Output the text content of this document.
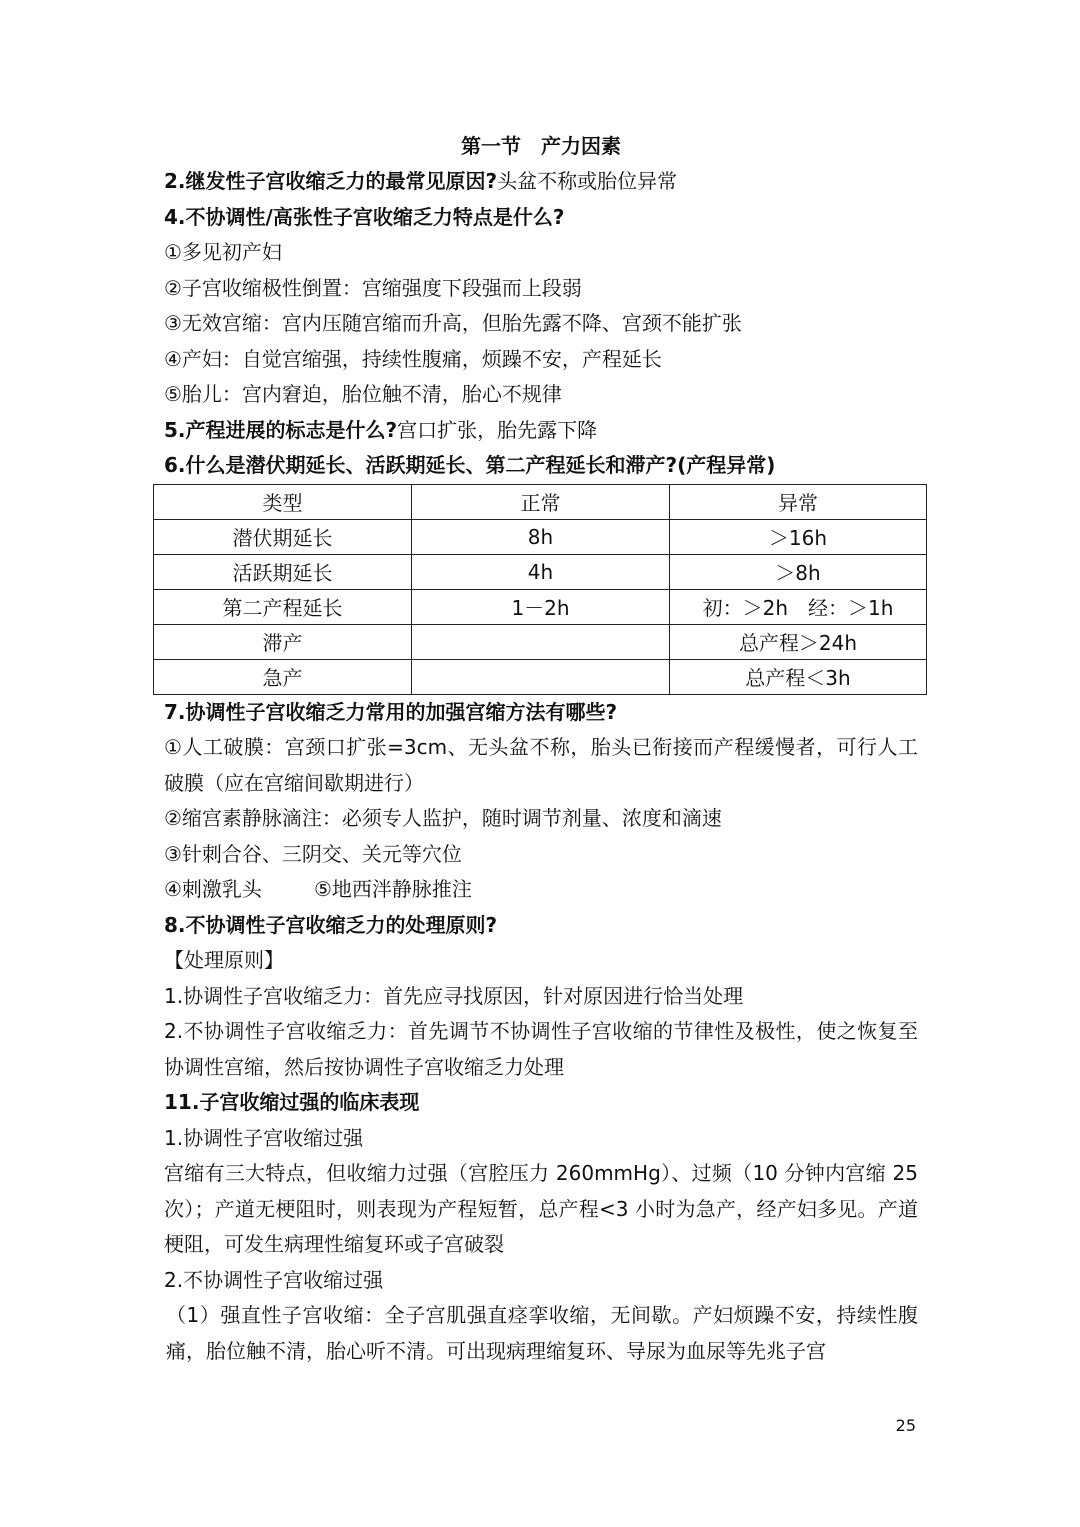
第一节　产力因素
2.继发性子宫收缩乏力的最常见原因?头盆不称或胎位异常
4.不协调性/高张性子宫收缩乏力特点是什么?
①多见初产妇
②子宫收缩极性倒置：宫缩强度下段强而上段弱
③无效宫缩：宫内压随宫缩而升高，但胎先露不降、宫颈不能扩张
④产妇：自觉宫缩强，持续性腹痛，烦躁不安，产程延长
⑤胎儿：宫内窘迫，胎位触不清，胎心不规律
5.产程进展的标志是什么?宫口扩张，胎先露下降
6.什么是潜伏期延长、活跃期延长、第二产程延长和滞产?(产程异常)
类型	正常	异常
潜伏期延长	8h	＞16h
活跃期延长	4h	＞8h
第二产程延长	1－2h	初：＞2h　经：＞1h
滞产		总产程＞24h
急产		总产程＜3h
7.协调性子宫收缩乏力常用的加强宫缩方法有哪些?
①人工破膜：宫颈口扩张=3cm、无头盆不称，胎头已衔接而产程缓慢者，可行人工破膜（应在宫缩间歇期进行）
②缩宫素静脉滴注：必须专人监护，随时调节剂量、浓度和滴速
③针刺合谷、三阴交、关元等穴位
④刺激乳头	⑤地西泮静脉推注
8.不协调性子宫收缩乏力的处理原则?
【处理原则】
1.协调性子宫收缩乏力：首先应寻找原因，针对原因进行恰当处理
2.不协调性子宫收缩乏力：首先调节不协调性子宫收缩的节律性及极性，使之恢复至协调性宫缩，然后按协调性子宫收缩乏力处理
11.子宫收缩过强的临床表现
1.协调性子宫收缩过强
宫缩有三大特点，但收缩力过强（宫腔压力 260mmHg）、过频（10 分钟内宫缩 25 次）；产道无梗阻时，则表现为产程短暂，总产程<3 小时为急产，经产妇多见。产道梗阻，可发生病理性缩复环或子宫破裂
2.不协调性子宫收缩过强
（1）强直性子宫收缩：全子宫肌强直痉挛收缩，无间歇。产妇烦躁不安，持续性腹痛，胎位触不清，胎心听不清。可出现病理缩复环、导尿为血尿等先兆子宫
25
